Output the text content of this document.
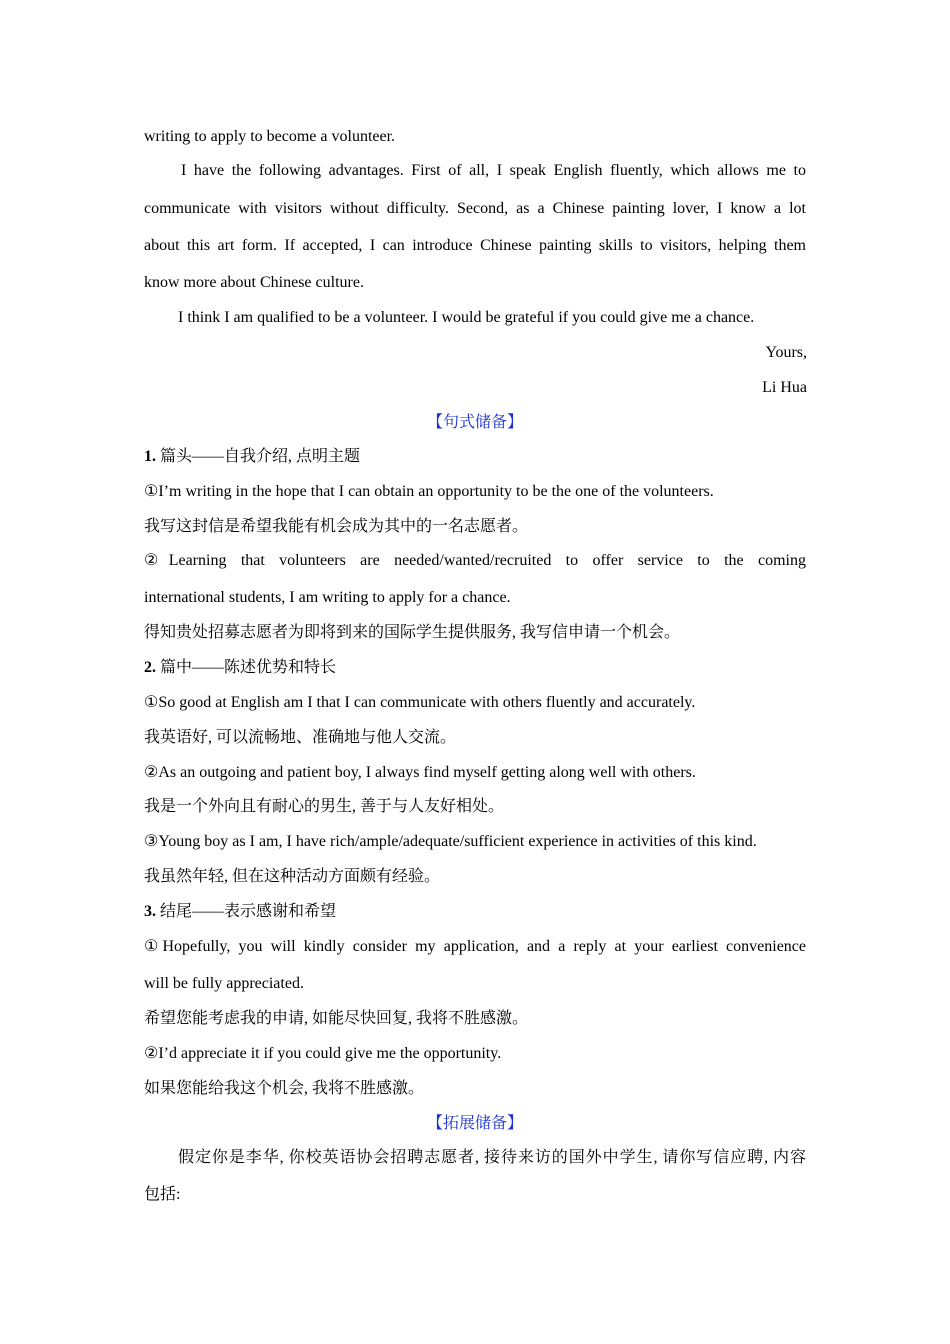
writing to apply to become a volunteer.
I have the following advantages. First of all, I speak English fluently, which allows me to
communicate with visitors without difficulty. Second, as a Chinese painting lover, I know a lot
about this art form. If accepted, I can introduce Chinese painting skills to visitors, helping them
know more about Chinese culture.
I think I am qualified to be a volunteer. I would be grateful if you could give me a chance.
Yours,
Li Hua
【句式储备】
1. 篇头——自我介绍, 点明主题
①I’m writing in the hope that I can obtain an opportunity to be the one of the volunteers.
我写这封信是希望我能有机会成为其中的一名志愿者。
②Learning that volunteers are needed/wanted/recruited to offer service to the coming
international students, I am writing to apply for a chance.
得知贵处招募志愿者为即将到来的国际学生提供服务, 我写信申请一个机会。
2. 篇中——陈述优势和特长
①So good at English am I that I can communicate with others fluently and accurately.
我英语好, 可以流畅地、准确地与他人交流。
②As an outgoing and patient boy, I always find myself getting along well with others.
我是一个外向且有耐心的男生, 善于与人友好相处。
③Young boy as I am, I have rich/ample/adequate/sufficient experience in activities of this kind.
我虽然年轻, 但在这种活动方面颇有经验。
3. 结尾——表示感谢和希望
①Hopefully, you will kindly consider my application, and a reply at your earliest convenience
will be fully appreciated.
希望您能考虑我的申请, 如能尽快回复, 我将不胜感激。
②I’d appreciate it if you could give me the opportunity.
如果您能给我这个机会, 我将不胜感激。
【拓展储备】
假定你是李华, 你校英语协会招聘志愿者, 接待来访的国外中学生, 请你写信应聘, 内容
包括:
